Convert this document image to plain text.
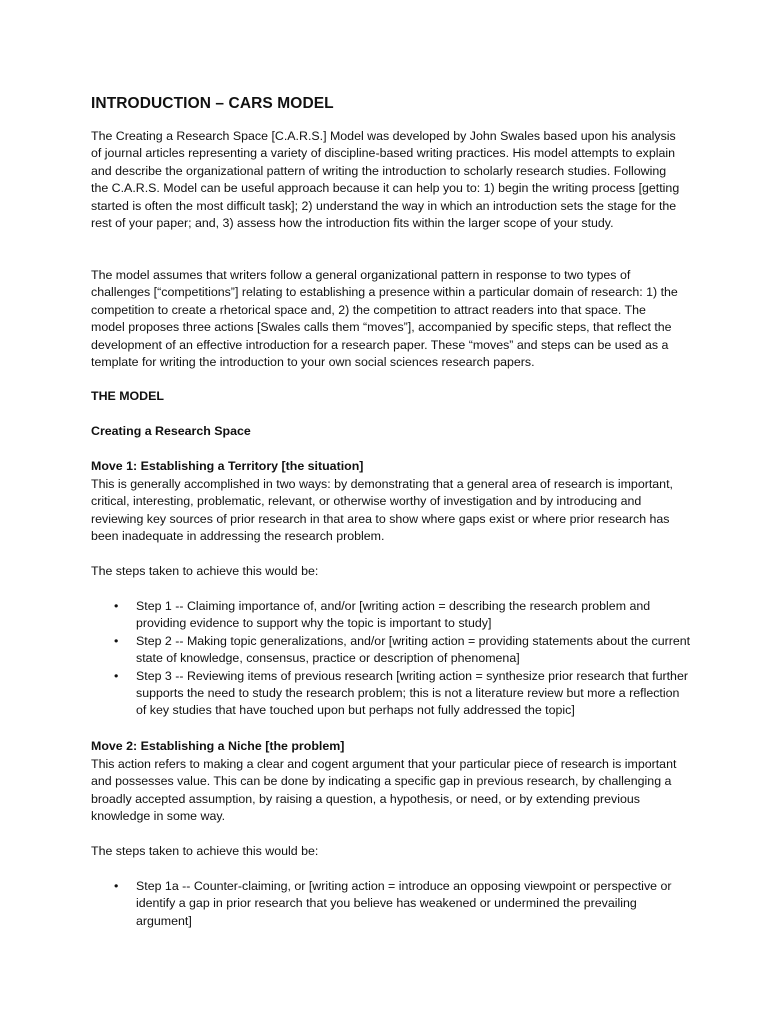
INTRODUCTION – CARS MODEL

The Creating a Research Space [C.A.R.S.] Model was developed by John Swales based upon his analysis of journal articles representing a variety of discipline-based writing practices. His model attempts to explain and describe the organizational pattern of writing the introduction to scholarly research studies. Following the C.A.R.S. Model can be useful approach because it can help you to: 1) begin the writing process [getting started is often the most difficult task]; 2) understand the way in which an introduction sets the stage for the rest of your paper; and, 3) assess how the introduction fits within the larger scope of your study.

The model assumes that writers follow a general organizational pattern in response to two types of challenges [“competitions”] relating to establishing a presence within a particular domain of research: 1) the competition to create a rhetorical space and, 2) the competition to attract readers into that space. The model proposes three actions [Swales calls them “moves”], accompanied by specific steps, that reflect the development of an effective introduction for a research paper. These “moves” and steps can be used as a template for writing the introduction to your own social sciences research papers.

THE MODEL

Creating a Research Space

Move 1: Establishing a Territory [the situation]

This is generally accomplished in two ways: by demonstrating that a general area of research is important, critical, interesting, problematic, relevant, or otherwise worthy of investigation and by introducing and reviewing key sources of prior research in that area to show where gaps exist or where prior research has been inadequate in addressing the research problem.

The steps taken to achieve this would be:

• Step 1 -- Claiming importance of, and/or [writing action = describing the research problem and providing evidence to support why the topic is important to study]
• Step 2 -- Making topic generalizations, and/or [writing action = providing statements about the current state of knowledge, consensus, practice or description of phenomena]
• Step 3 -- Reviewing items of previous research [writing action = synthesize prior research that further supports the need to study the research problem; this is not a literature review but more a reflection of key studies that have touched upon but perhaps not fully addressed the topic]

Move 2: Establishing a Niche [the problem]

This action refers to making a clear and cogent argument that your particular piece of research is important and possesses value. This can be done by indicating a specific gap in previous research, by challenging a broadly accepted assumption, by raising a question, a hypothesis, or need, or by extending previous knowledge in some way.

The steps taken to achieve this would be:

• Step 1a -- Counter-claiming, or [writing action = introduce an opposing viewpoint or perspective or identify a gap in prior research that you believe has weakened or undermined the prevailing argument]
